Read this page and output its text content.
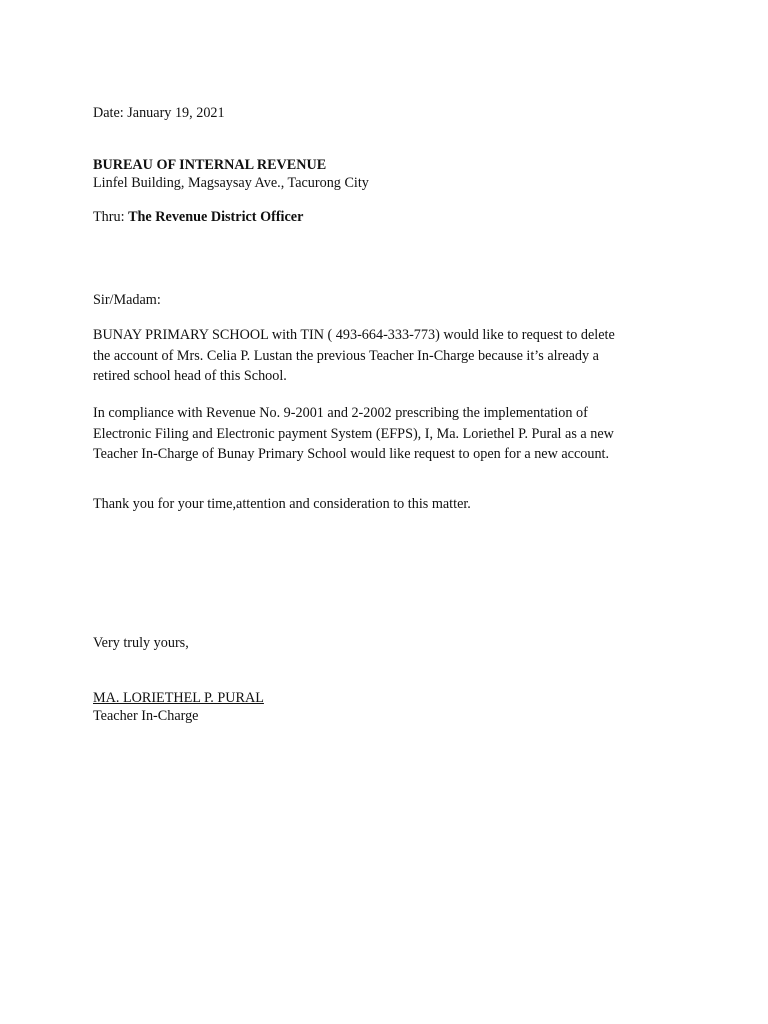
Date: January 19, 2021
BUREAU OF INTERNAL REVENUE
Linfel Building, Magsaysay Ave., Tacurong City
Thru: The Revenue District Officer
Sir/Madam:
BUNAY PRIMARY SCHOOL with TIN ( 493-664-333-773) would like to request to delete
the account of Mrs. Celia P. Lustan the previous Teacher In-Charge because it’s already a
retired school head of this School.
In compliance with Revenue No. 9-2001 and 2-2002 prescribing the implementation of
Electronic Filing and Electronic payment System (EFPS), I, Ma. Loriethel P. Pural as a new
Teacher In-Charge of Bunay Primary School would like request to open for a new account.
Thank you for your time,attention and consideration to this matter.
Very truly yours,
MA. LORIETHEL P. PURAL
Teacher In-Charge
